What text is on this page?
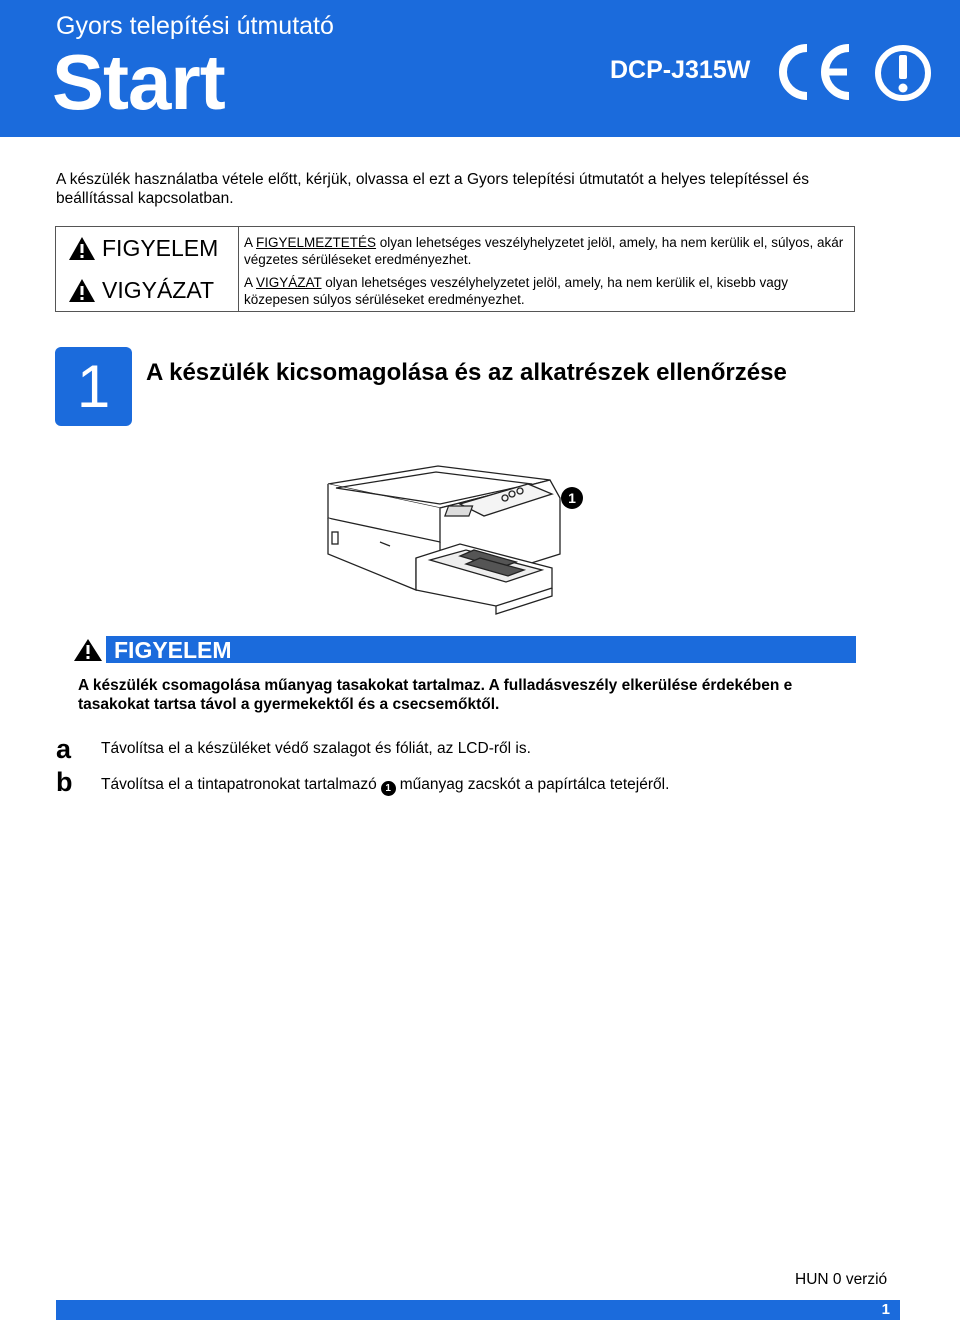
Gyors telepítési útmutató
Start	DCP-J315W
A készülék használatba vétele előtt, kérjük, olvassa el ezt a Gyors telepítési útmutatót a helyes telepítéssel és beállítással kapcsolatban.
FIGYELEM A FIGYELMEZTETÉS olyan lehetséges veszélyhelyzetet jelöl, amely, ha nem kerülik el, súlyos, akár végzetes sérüléseket eredményezhet.
VIGYÁZAT A VIGYÁZAT olyan lehetséges veszélyhelyzetet jelöl, amely, ha nem kerülik el, kisebb vagy közepesen súlyos sérüléseket eredményezhet.
1	A készülék kicsomagolása és az alkatrészek ellenőrzése
1
FIGYELEM
A készülék csomagolása műanyag tasakokat tartalmaz. A fulladásveszély elkerülése érdekében e tasakokat tartsa távol a gyermekektől és a csecsemőktől.
a Távolítsa el a készüléket védő szalagot és fóliát, az LCD-ről is.
b Távolítsa el a tintapatronokat tartalmazó 1 műanyag zacskót a papírtálca tetejéről.
HUN 0 verzió
1
